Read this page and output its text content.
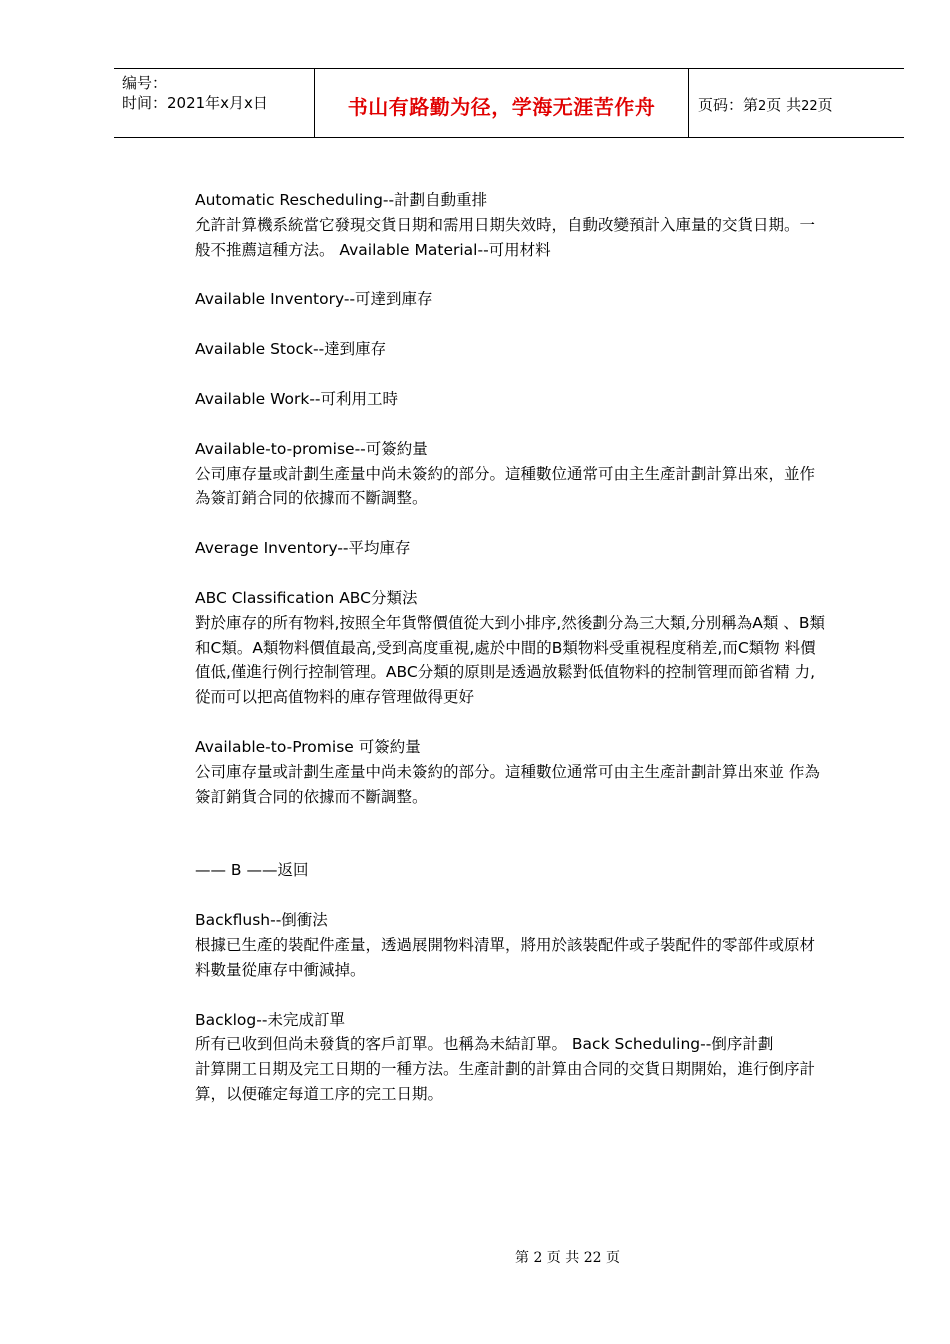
编号：
时间：2021年x月x日	书山有路勤为径，学海无涯苦作舟	页码：第2页 共22页

Automatic Rescheduling--計劃自動重排

允許計算機系統當它發現交貨日期和需用日期失效時，自動改變預計入庫量的交貨日期。一般不推薦這種方法。 Available Material--可用材料

Available Inventory--可達到庫存

Available Stock--達到庫存

Available Work--可利用工時

Available-to-promise--可簽約量

公司庫存量或計劃生產量中尚未簽約的部分。這種數位通常可由主生產計劃計算出來，並作為簽訂銷合同的依據而不斷調整。

Average Inventory--平均庫存

ABC Classification ABC分類法

對於庫存的所有物料,按照全年貨幣價值從大到小排序,然後劃分為三大類,分別稱為A類 、B類和C類。A類物料價值最高,受到高度重視,處於中間的B類物料受重視程度稍差,而C類物 料價值低,僅進行例行控制管理。ABC分類的原則是透過放鬆對低值物料的控制管理而節省精 力,從而可以把高值物料的庫存管理做得更好

Available-to-Promise 可簽約量

公司庫存量或計劃生產量中尚未簽約的部分。這種數位通常可由主生產計劃計算出來並 作為簽訂銷貨合同的依據而不斷調整。

—— B ——返回

Backflush--倒衝法

根據已生產的裝配件產量，透過展開物料清單，將用於該裝配件或子裝配件的零部件或原材料數量從庫存中衝減掉。

Backlog--未完成訂單

所有已收到但尚未發貨的客戶訂單。也稱為未結訂單。 Back Scheduling--倒序計劃

計算開工日期及完工日期的一種方法。生產計劃的計算由合同的交貨日期開始，進行倒序計算，以便確定每道工序的完工日期。

第 2 页 共 22 页
